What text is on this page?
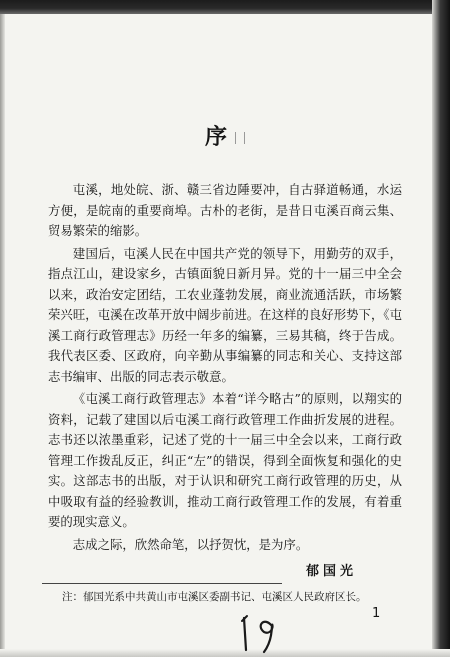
序

屯溪，地处皖、浙、赣三省边陲要冲，自古驿道畅通，水运方便，是皖南的重要商埠。古朴的老街，是昔日屯溪百商云集、贸易繁荣的缩影。

建国后，屯溪人民在中国共产党的领导下，用勤劳的双手，指点江山，建设家乡，古镇面貌日新月异。党的十一届三中全会以来，政治安定团结，工农业蓬勃发展，商业流通活跃，市场繁荣兴旺，屯溪在改革开放中阔步前进。在这样的良好形势下，《屯溪工商行政管理志》历经一年多的编纂，三易其稿，终于告成。我代表区委、区政府，向辛勤从事编纂的同志和关心、支持这部志书编审、出版的同志表示敬意。

《屯溪工商行政管理志》本着“详今略古”的原则，以翔实的资料，记载了建国以后屯溪工商行政管理工作曲折发展的进程。志书还以浓墨重彩，记述了党的十一届三中全会以来，工商行政管理工作拨乱反正，纠正“左”的错误，得到全面恢复和强化的史实。这部志书的出版，对于认识和研究工商行政管理的历史，从中吸取有益的经验教训，推动工商行政管理工作的发展，有着重要的现实意义。

志成之际，欣然命笔，以抒贺忱，是为序。

郁国光
注：郁国光系中共黄山市屯溪区委副书记、屯溪区人民政府区长。
1
